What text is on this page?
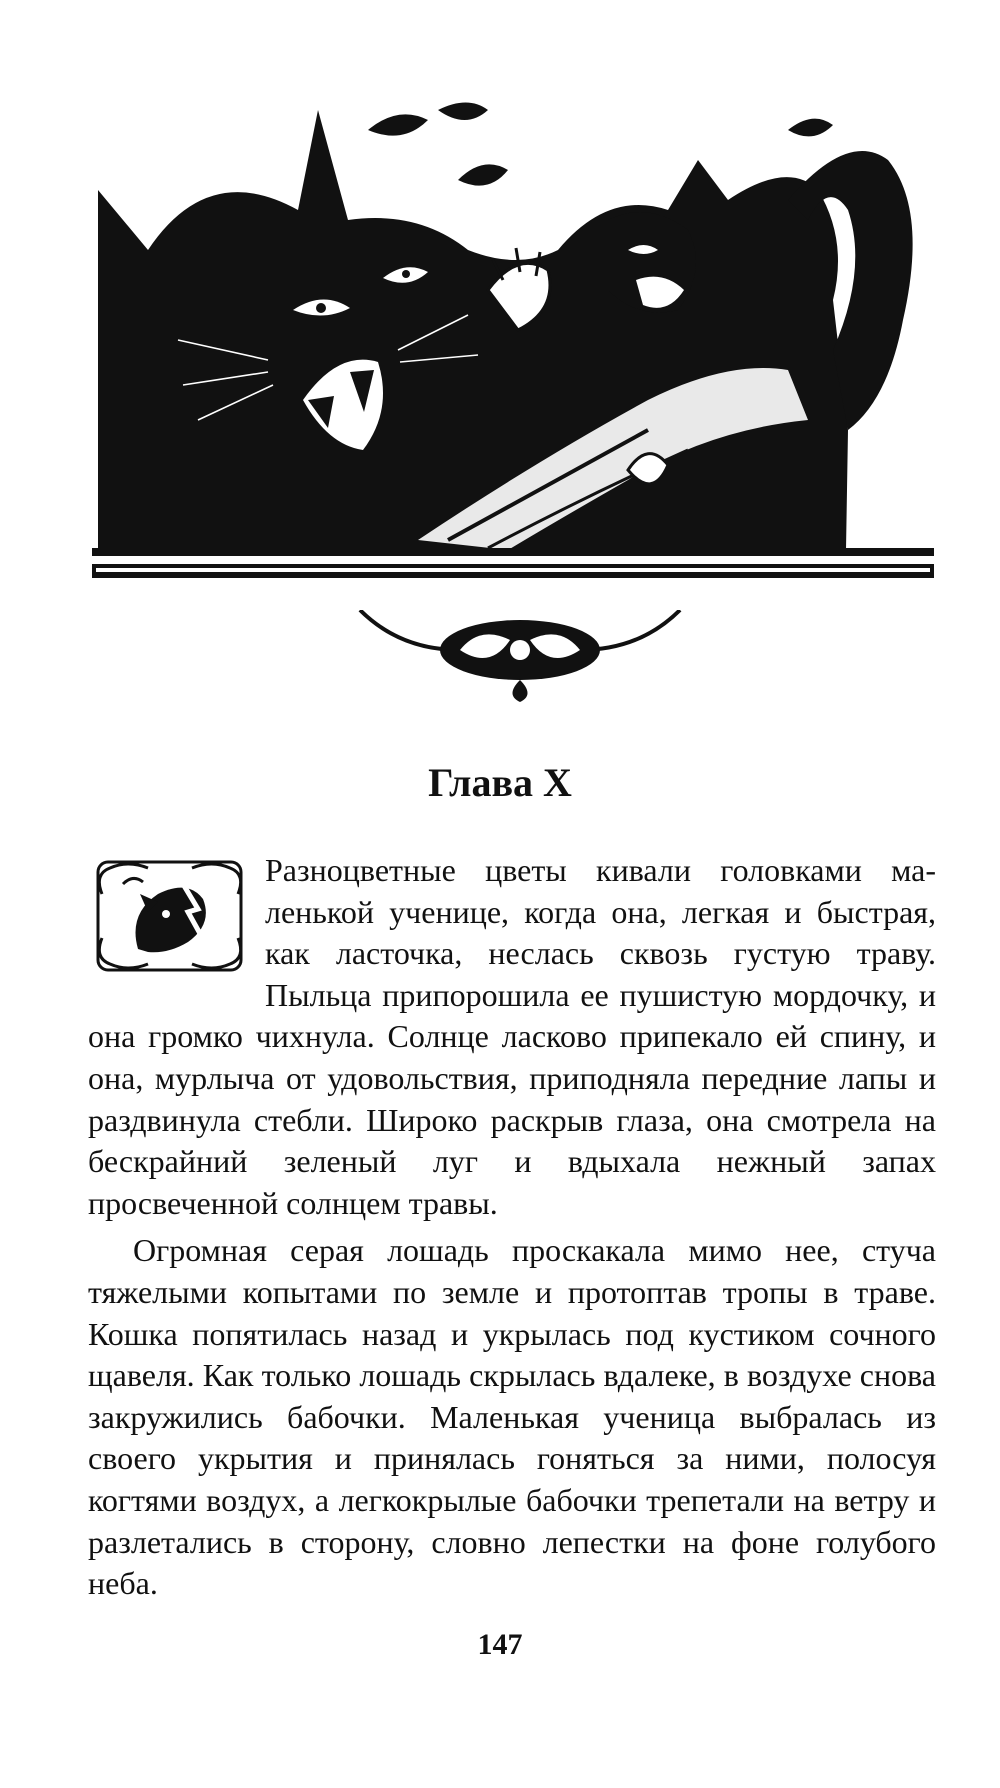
Глава X

Разноцветные цветы кивали головками маленькой ученице, когда она, легкая и быстрая, как ласточка, неслась сквозь густую траву. Пыльца припорошила ее пушистую мордочку, и она громко чихнула. Солнце ласково припекало ей спину, и она, мурлыча от удовольствия, приподняла передние лапы и раздвинула стебли. Широко раскрыв глаза, она смотрела на бескрайний зеленый луг и вдыхала нежный запах просвеченной солнцем травы.

Огромная серая лошадь проскакала мимо нее, стуча тяжелыми копытами по земле и протоптав тропы в траве. Кошка попятилась назад и укрылась под кустиком сочного щавеля. Как только лошадь скрылась вдалеке, в воздухе снова закружились бабочки. Маленькая ученица выбралась из своего укрытия и принялась гоняться за ними, полосуя когтями воздух, а легкокрылые бабочки трепетали на ветру и разлетались в сторону, словно лепестки на фоне голубого неба.

147
